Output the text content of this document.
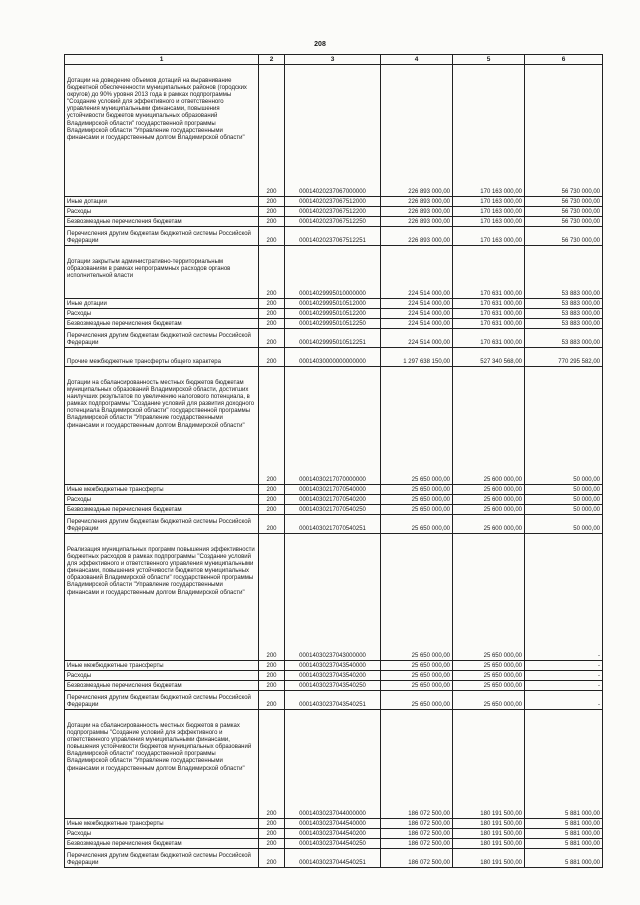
208
1	2	3	4	5	6
Дотации на доведение объемов дотаций на выравнивание бюджетной обеспеченности муниципальных районов (городских округов) до 90% уровня 2013 года в рамках подпрограммы "Создание условий для эффективного и ответственного управления муниципальными финансами, повышения устойчивости бюджетов муниципальных образований Владимирской области" государственной программы Владимирской области "Управление государственными финансами и государственным долгом Владимирской области"	200	00014020237067000000	226 893 000,00	170 163 000,00	56 730 000,00
Иные дотации	200	00014020237067512000	226 893 000,00	170 163 000,00	56 730 000,00
Расходы	200	00014020237067512200	226 893 000,00	170 163 000,00	56 730 000,00
Безвозмездные перечисления бюджетам	200	00014020237067512250	226 893 000,00	170 163 000,00	56 730 000,00
Перечисления другим бюджетам бюджетной системы Российской Федерации	200	00014020237067512251	226 893 000,00	170 163 000,00	56 730 000,00
Дотации закрытым административно-территориальным образованиям в рамках непрограммных расходов органов исполнительной власти	200	00014029995010000000	224 514 000,00	170 631 000,00	53 883 000,00
Иные дотации	200	00014029995010512000	224 514 000,00	170 631 000,00	53 883 000,00
Расходы	200	00014029995010512200	224 514 000,00	170 631 000,00	53 883 000,00
Безвозмездные перечисления бюджетам	200	00014029995010512250	224 514 000,00	170 631 000,00	53 883 000,00
Перечисления другим бюджетам бюджетной системы Российской Федерации	200	00014029995010512251	224 514 000,00	170 631 000,00	53 883 000,00
Прочие межбюджетные трансферты общего характера	200	00014030000000000000	1 297 638 150,00	527 340 568,00	770 295 582,00
Дотации на сбалансированность местных бюджетов бюджетам муниципальных образований Владимирской области, достигших наилучших результатов по увеличению налогового потенциала, в рамках подпрограммы "Создание условий для развития доходного потенциала Владимирской области" государственной программы Владимирской области "Управление государственными финансами и государственным долгом Владимирской области"	200	00014030217070000000	25 650 000,00	25 600 000,00	50 000,00
Иные межбюджетные трансферты	200	00014030217070540000	25 650 000,00	25 600 000,00	50 000,00
Расходы	200	00014030217070540200	25 650 000,00	25 600 000,00	50 000,00
Безвозмездные перечисления бюджетам	200	00014030217070540250	25 650 000,00	25 600 000,00	50 000,00
Перечисления другим бюджетам бюджетной системы Российской Федерации	200	00014030217070540251	25 650 000,00	25 600 000,00	50 000,00
Реализация муниципальных программ повышения эффективности бюджетных расходов в рамках подпрограммы "Создание условий для эффективного и ответственного управления муниципальными финансами, повышения устойчивости бюджетов муниципальных образований Владимирской области" государственной программы Владимирской области "Управление государственными финансами и государственным долгом Владимирской области"	200	00014030237043000000	25 650 000,00	25 650 000,00	-
Иные межбюджетные трансферты	200	00014030237043540000	25 650 000,00	25 650 000,00	-
Расходы	200	00014030237043540200	25 650 000,00	25 650 000,00	-
Безвозмездные перечисления бюджетам	200	00014030237043540250	25 650 000,00	25 650 000,00	-
Перечисления другим бюджетам бюджетной системы Российской Федерации	200	00014030237043540251	25 650 000,00	25 650 000,00	-
Дотации на сбалансированность местных бюджетов в рамках подпрограммы "Создание условий для эффективного и ответственного управления муниципальными финансами, повышения устойчивости бюджетов муниципальных образований Владимирской области" государственной программы Владимирской области "Управление государственными финансами и государственным долгом Владимирской области"	200	00014030237044000000	186 072 500,00	180 191 500,00	5 881 000,00
Иные межбюджетные трансферты	200	00014030237044540000	186 072 500,00	180 191 500,00	5 881 000,00
Расходы	200	00014030237044540200	186 072 500,00	180 191 500,00	5 881 000,00
Безвозмездные перечисления бюджетам	200	00014030237044540250	186 072 500,00	180 191 500,00	5 881 000,00
Перечисления другим бюджетам бюджетной системы Российской Федерации	200	00014030237044540251	186 072 500,00	180 191 500,00	5 881 000,00
